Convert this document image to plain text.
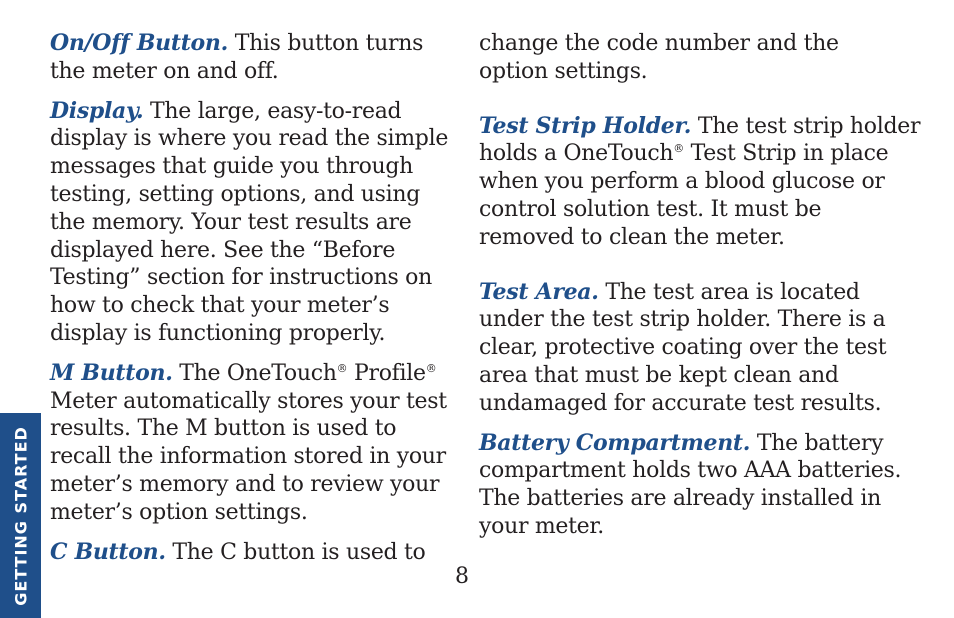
GETTING STARTED

On/Off Button. This button turns the meter on and off.

Display. The large, easy-to-read display is where you read the simple messages that guide you through testing, setting options, and using the memory. Your test results are displayed here. See the “Before Testing” section for instructions on how to check that your meter’s display is functioning properly.

M Button. The OneTouch® Profile® Meter automatically stores your test results. The M button is used to recall the information stored in your meter’s memory and to review your meter’s option settings.

C Button. The C button is used to

change the code number and the
option settings.
Test Strip Holder. The test strip holder
holds a OneTouch® Test Strip in place
when you perform a blood glucose or
control solution test. It must be
removed to clean the meter.
Test Area. The test area is located
under the test strip holder. There is a
clear, protective coating over the test
area that must be kept clean and
undamaged for accurate test results.
Battery Compartment. The battery
compartment holds two AAA batteries.
The batteries are already installed in
your meter.
8
